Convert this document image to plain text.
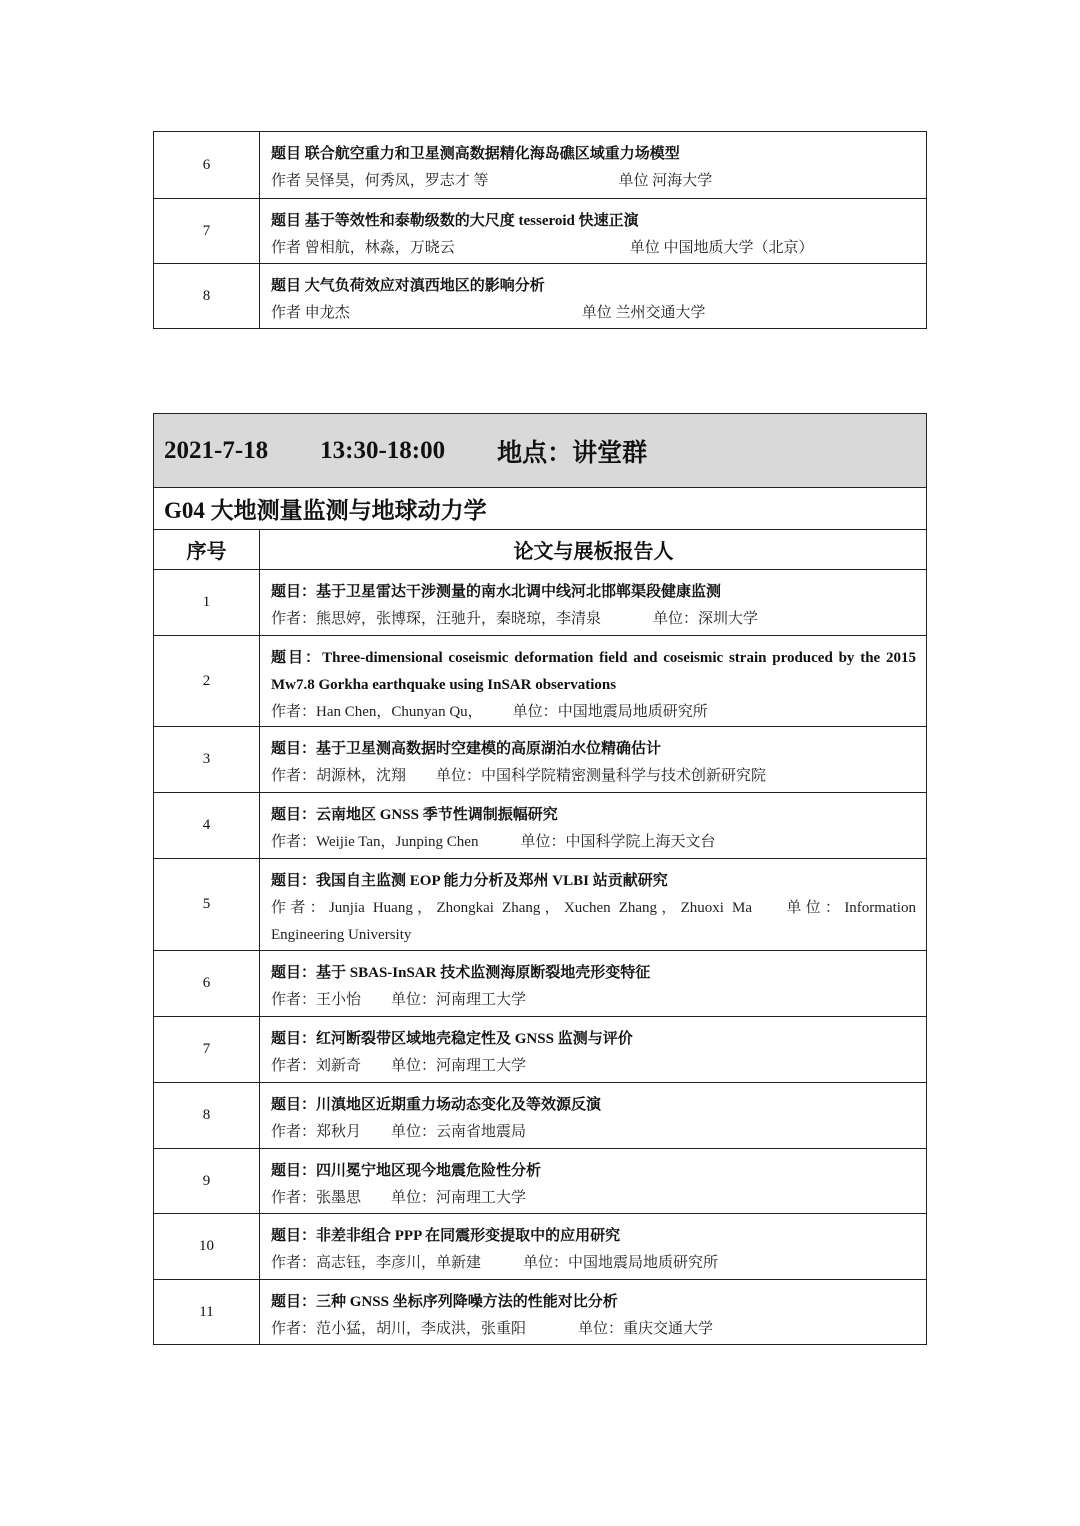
6
题目 联合航空重力和卫星测高数据精化海岛礁区域重力场模型
作者 吴怿昊，何秀凤，罗志才 等	单位 河海大学
7
题目 基于等效性和泰勒级数的大尺度 tesseroid 快速正演
作者 曾相航，林淼，万晓云	单位 中国地质大学（北京）
8
题目 大气负荷效应对滇西地区的影响分析
作者 申龙杰	单位 兰州交通大学
2021-7-18 13:30-18:00 地点：讲堂群
G04 大地测量监测与地球动力学
序号	论文与展板报告人
1
题目：基于卫星雷达干涉测量的南水北调中线河北邯郸渠段健康监测
作者：熊思婷，张博琛，汪驰升，秦晓琼，李清泉	单位：深圳大学
2
题目：Three-dimensional coseismic deformation field and coseismic strain produced by the 2015 Mw7.8 Gorkha earthquake using InSAR observations
作者：Han Chen，Chunyan Qu， 单位：中国地震局地质研究所
3
题目：基于卫星测高数据时空建模的高原湖泊水位精确估计
作者：胡源林，沈翔 单位：中国科学院精密测量科学与技术创新研究院
4
题目：云南地区 GNSS 季节性调制振幅研究
作者：Weijie Tan，Junping Chen	单位：中国科学院上海天文台
5
题目：我国自主监测 EOP 能力分析及郑州 VLBI 站贡献研究
作者：Junjia Huang，Zhongkai Zhang，Xuchen Zhang，Zhuoxi Ma 单位：Information Engineering University
6
题目：基于 SBAS-InSAR 技术监测海原断裂地壳形变特征
作者：王小怡 单位：河南理工大学
7
题目：红河断裂带区域地壳稳定性及 GNSS 监测与评价
作者：刘新奇 单位：河南理工大学
8
题目：川滇地区近期重力场动态变化及等效源反演
作者：郑秋月 单位：云南省地震局
9
题目：四川冕宁地区现今地震危险性分析
作者：张墨思 单位：河南理工大学
10
题目：非差非组合 PPP 在同震形变提取中的应用研究
作者：高志钰，李彦川，单新建	单位：中国地震局地质研究所
11
题目：三种 GNSS 坐标序列降噪方法的性能对比分析
作者：范小猛，胡川，李成洪，张重阳	单位：重庆交通大学
